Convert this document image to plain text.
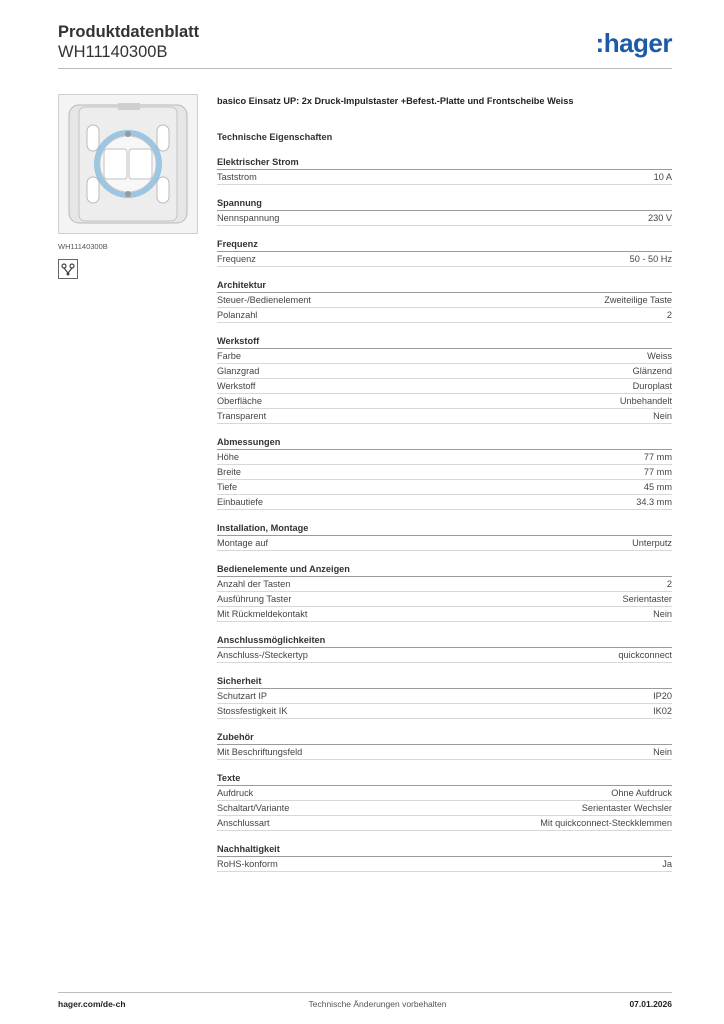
Produktdatenblatt
WH11140300B	:hager
WH11140300B
basico Einsatz UP: 2x Druck-Impulstaster +Befest.-Platte und Frontscheibe Weiss
Technische Eigenschaften
Elektrischer Strom
Taststrom	10 A
Spannung
Nennspannung	230 V
Frequenz
Frequenz	50 - 50 Hz
Architektur
Steuer-/Bedienelement	Zweiteilige Taste
Polanzahl	2
Werkstoff
Farbe	Weiss
Glanzgrad	Glänzend
Werkstoff	Duroplast
Oberfläche	Unbehandelt
Transparent	Nein
Abmessungen
Höhe	77 mm
Breite	77 mm
Tiefe	45 mm
Einbautiefe	34.3 mm
Installation, Montage
Montage auf	Unterputz
Bedienelemente und Anzeigen
Anzahl der Tasten	2
Ausführung Taster	Serientaster
Mit Rückmeldekontakt	Nein
Anschlussmöglichkeiten
Anschluss-/Steckertyp	quickconnect
Sicherheit
Schutzart IP	IP20
Stossfestigkeit IK	IK02
Zubehör
Mit Beschriftungsfeld	Nein
Texte
Aufdruck	Ohne Aufdruck
Schaltart/Variante	Serientaster Wechsler
Anschlussart	Mit quickconnect-Steckklemmen
Nachhaltigkeit
RoHS-konform	Ja
hager.com/de-ch	Technische Änderungen vorbehalten	07.01.2026
